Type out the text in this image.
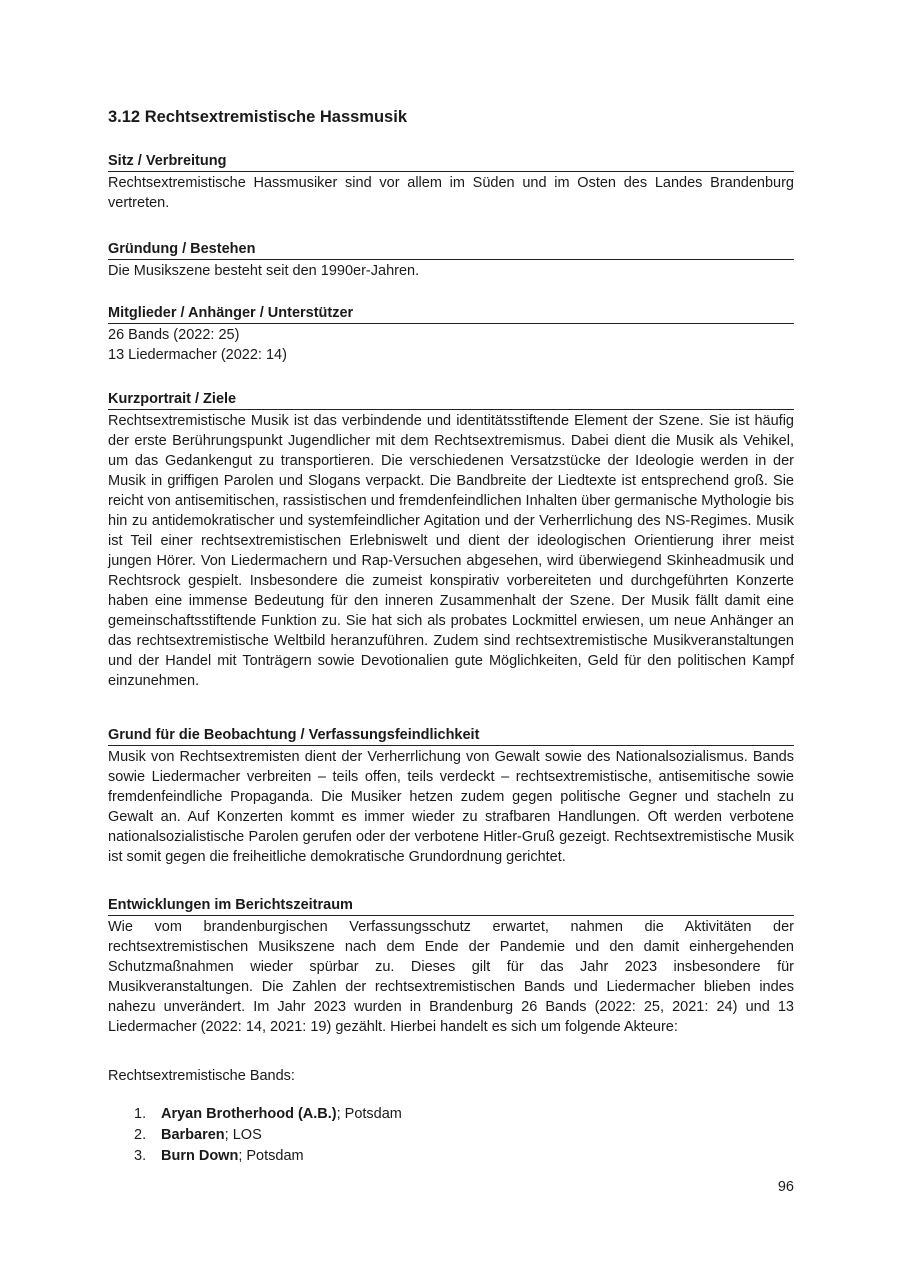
3.12 Rechtsextremistische Hassmusik
Sitz / Verbreitung

Rechtsextremistische Hassmusiker sind vor allem im Süden und im Osten des Landes Brandenburg vertreten.

Gründung / Bestehen

Die Musikszene besteht seit den 1990er-Jahren.

Mitglieder / Anhänger / Unterstützer
26 Bands (2022: 25)
13 Liedermacher (2022: 14)
Kurzportrait / Ziele

Rechtsextremistische Musik ist das verbindende und identitätsstiftende Element der Szene. Sie ist häufig der erste Berührungspunkt Jugendlicher mit dem Rechtsextremismus. Dabei dient die Musik als Vehikel, um das Gedankengut zu transportieren. Die verschiedenen Versatzstücke der Ideologie werden in der Musik in griffigen Parolen und Slogans verpackt. Die Bandbreite der Liedtexte ist entsprechend groß. Sie reicht von antisemitischen, rassistischen und fremdenfeindlichen Inhalten über germanische Mythologie bis hin zu antidemokratischer und systemfeindlicher Agitation und der Verherrlichung des NS-Regimes. Musik ist Teil einer rechtsextremistischen Erlebniswelt und dient der ideologischen Orientierung ihrer meist jungen Hörer. Von Liedermachern und Rap-Versuchen abgesehen, wird überwiegend Skinheadmusik und Rechtsrock gespielt. Insbesondere die zumeist konspirativ vorbereiteten und durchgeführten Konzerte haben eine immense Bedeutung für den inneren Zusammenhalt der Szene. Der Musik fällt damit eine gemeinschaftsstiftende Funktion zu. Sie hat sich als probates Lockmittel erwiesen, um neue Anhänger an das rechtsextremistische Weltbild heranzuführen. Zudem sind rechtsextremistische Musikveranstaltungen und der Handel mit Tonträgern sowie Devotionalien gute Möglichkeiten, Geld für den politischen Kampf einzunehmen.

Grund für die Beobachtung / Verfassungsfeindlichkeit

Musik von Rechtsextremisten dient der Verherrlichung von Gewalt sowie des Nationalsozialismus. Bands sowie Liedermacher verbreiten – teils offen, teils verdeckt – rechtsextremistische, antisemitische sowie fremdenfeindliche Propaganda. Die Musiker hetzen zudem gegen politische Gegner und stacheln zu Gewalt an. Auf Konzerten kommt es immer wieder zu strafbaren Handlungen. Oft werden verbotene nationalsozialistische Parolen gerufen oder der verbotene Hitler-Gruß gezeigt. Rechtsextremistische Musik ist somit gegen die freiheitliche demokratische Grundordnung gerichtet.

Entwicklungen im Berichtszeitraum

Wie vom brandenburgischen Verfassungsschutz erwartet, nahmen die Aktivitäten der rechtsextremistischen Musikszene nach dem Ende der Pandemie und den damit einhergehenden Schutzmaßnahmen wieder spürbar zu. Dieses gilt für das Jahr 2023 insbesondere für Musikveranstaltungen. Die Zahlen der rechtsextremistischen Bands und Liedermacher blieben indes nahezu unverändert. Im Jahr 2023 wurden in Brandenburg 26 Bands (2022: 25, 2021: 24) und 13 Liedermacher (2022: 14, 2021: 19) gezählt. Hierbei handelt es sich um folgende Akteure:

Rechtsextremistische Bands:

1. Aryan Brotherhood (A.B.); Potsdam
2. Barbaren; LOS
3. Burn Down; Potsdam
96
